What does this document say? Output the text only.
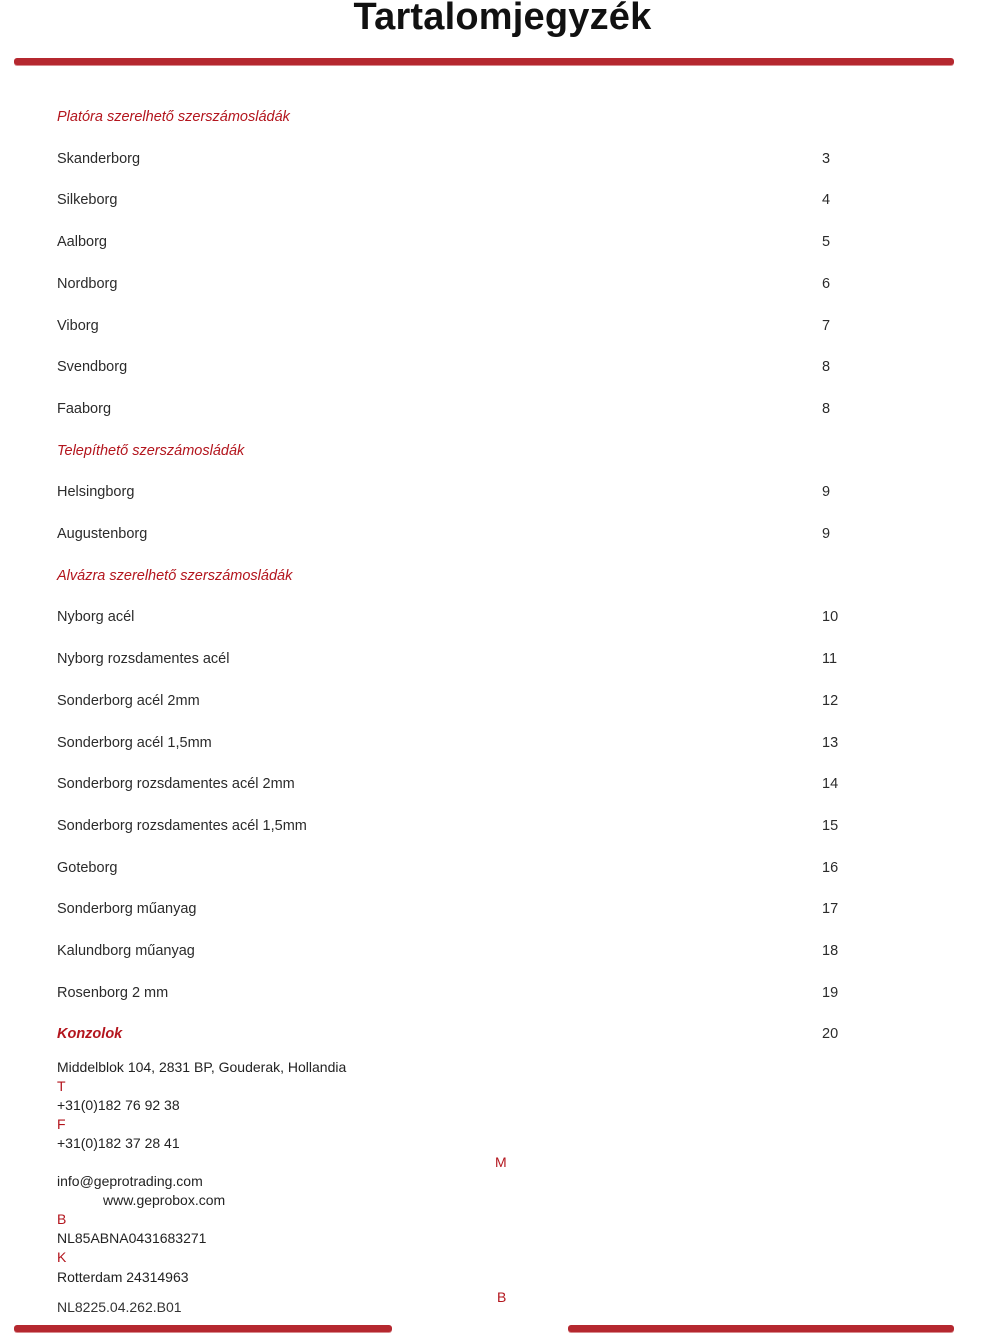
Tartalomjegyzék
Platóra szerelhető szerszámosládák
Skanderborg	3
Silkeborg	4
Aalborg	5
Nordborg	6
Viborg	7
Svendborg	8
Faaborg	8
Telepíthető szerszámosládák
Helsingborg	9
Augustenborg	9
Alvázra szerelhető szerszámosládák
Nyborg acél	10
Nyborg rozsdamentes acél	11
Sonderborg acél 2mm	12
Sonderborg acél 1,5mm	13
Sonderborg rozsdamentes acél 2mm	14
Sonderborg rozsdamentes acél 1,5mm	15
Goteborg	16
Sonderborg műanyag	17
Kalundborg műanyag	18
Rosenborg 2 mm	19
Konzolok	20
Middelblok 104, 2831 BP, Gouderak, Hollandia
T
+31(0)182 76 92 38
F
+31(0)182 37 28 41
M
info@geprotrading.com
www.geprobox.com
B
NL85ABNA0431683271
K
Rotterdam 24314963
B
NL8225.04.262.B01
